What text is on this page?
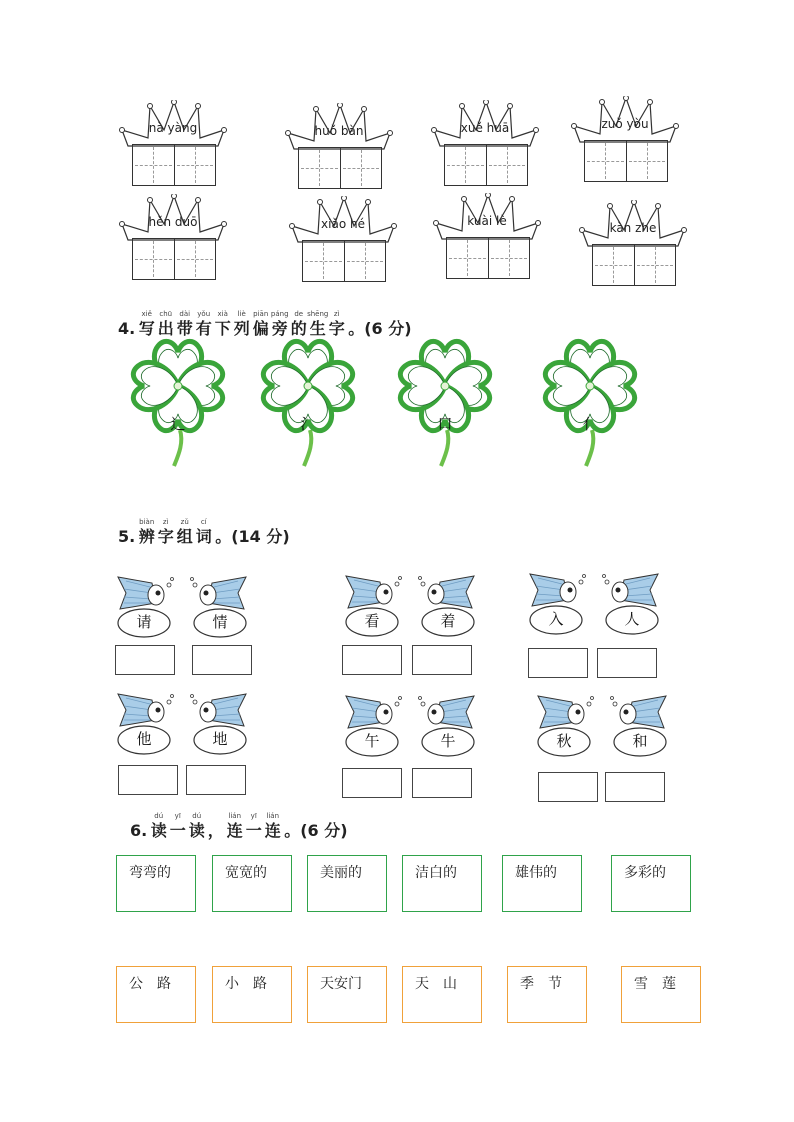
nà yàng	huǒ bàn	xuě huā	zuǒ yòu
hěn duō	xiǎo hé	kuài lè	kàn zhe
4.
xiě
写
chū
出
dài
带
yǒu
有
xià
下
liè
列
piān
偏
páng
旁
de
的
shēng
生
zì
字 。(6 分)
辶	氵	口	亻
5.
biàn
辨
zì
字
zǔ
组
cí
词 。(14 分)
请	情	看	着	入	人
他	地	午	牛	秋	和
6.
dú
读
yī
一
dú
读 ，
lián
连
yī
一
lián
连 。(6 分)
弯弯的	宽宽的	美丽的	洁白的	雄伟的	多彩的
公　路	小　路	天安门	天　山	季　节	雪　莲
